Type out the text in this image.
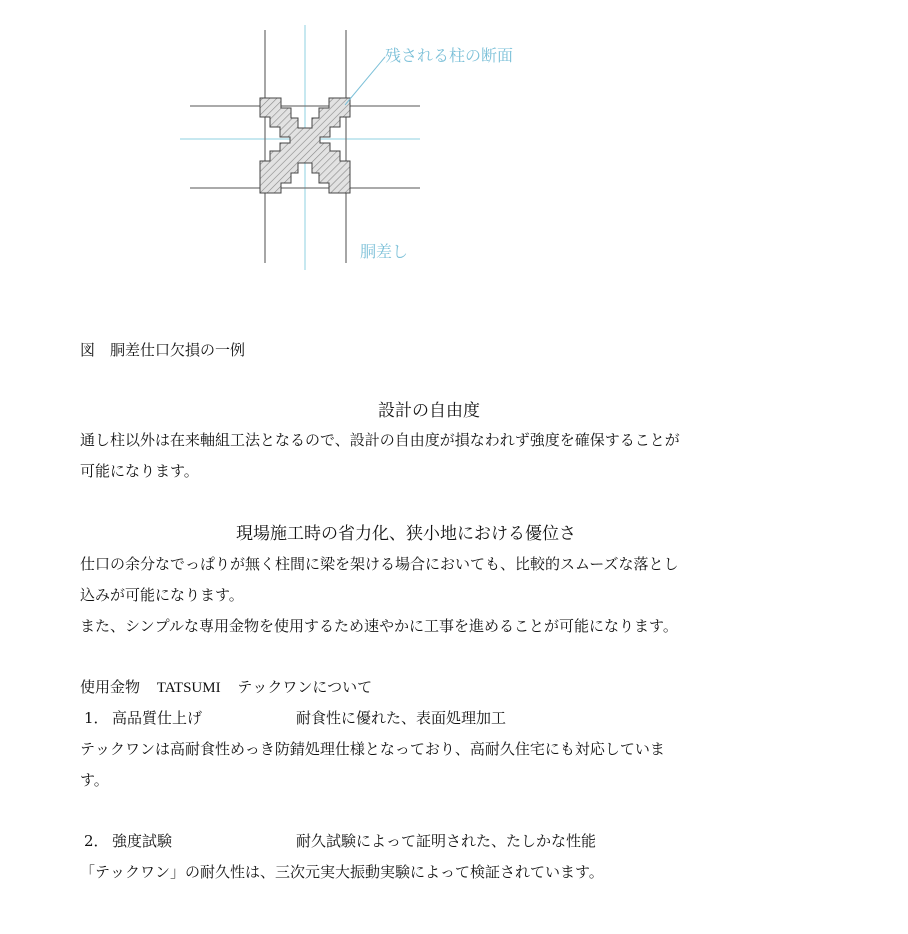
残される柱の断面
胴差し
図　胴差仕口欠損の一例
設計の自由度
通し柱以外は在来軸組工法となるので、設計の自由度が損なわれず強度を確保することが
可能になります。
現場施工時の省力化、狭小地における優位さ
仕口の余分なでっぱりが無く柱間に梁を架ける場合においても、比較的スムーズな落とし
込みが可能になります。
また、シンプルな専用金物を使用するため速やかに工事を進めることが可能になります。
使用金物 TATSUMI テックワンについて
1． 高品質仕上げ	耐食性に優れた、表面処理加工
テックワンは高耐食性めっき防錆処理仕様となっており、高耐久住宅にも対応していま
す。
2． 強度試験	耐久試験によって証明された、たしかな性能
「テックワン」の耐久性は、三次元実大振動実験によって検証されています。
